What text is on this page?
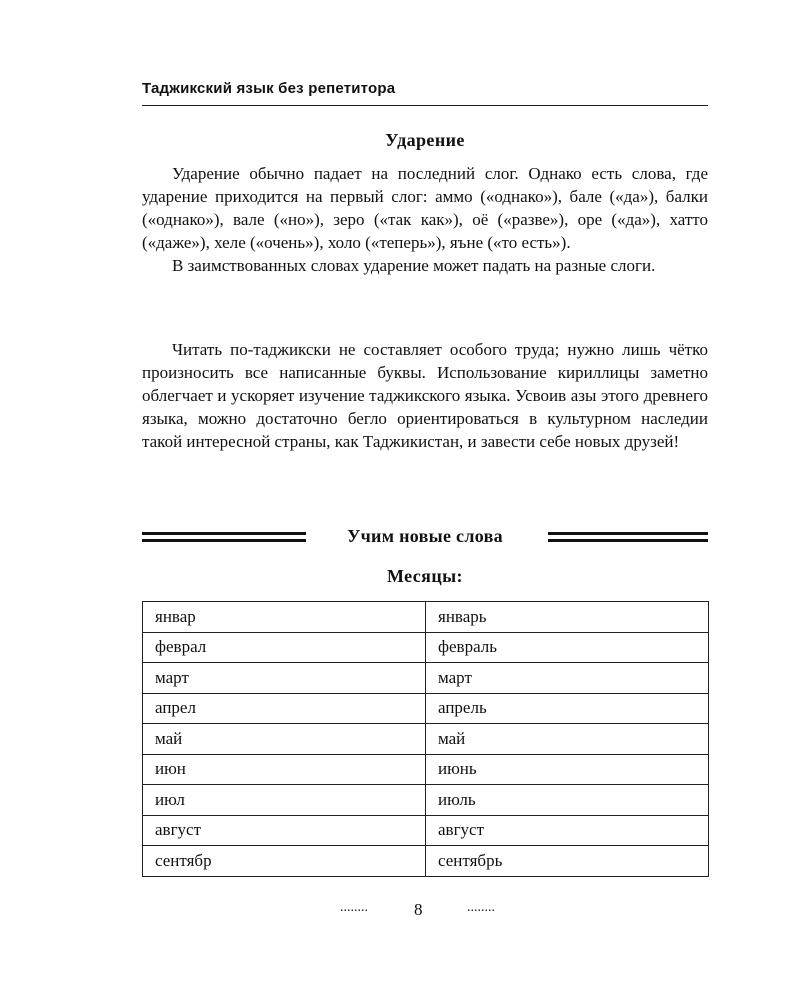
Таджикский язык без репетитора
Ударение

Ударение обычно падает на последний слог. Однако есть слова, где ударение приходится на первый слог: аммо («однако»), бале («да»), балки («однако»), вале («но»), зеро («так как»), оё («разве»), оре («да»), хатто («даже»), хеле («очень»), холо («теперь»), яъне («то есть»).

В заимствованных словах ударение может падать на разные слоги.

Читать по-таджикски не составляет особого труда; нужно лишь чётко произносить все написанные буквы. Использование кириллицы заметно облегчает и ускоряет изучение таджикского языка. Усвоив азы этого древнего языка, можно достаточно бегло ориентироваться в культурном наследии такой интересной страны, как Таджикистан, и завести себе новых друзей!

Учим новые слова
Месяцы:
январ	январь
феврал	февраль
март	март
апрел	апрель
май	май
июн	июнь
июл	июль
август	август
сентябр	сентябрь
........	8	........
